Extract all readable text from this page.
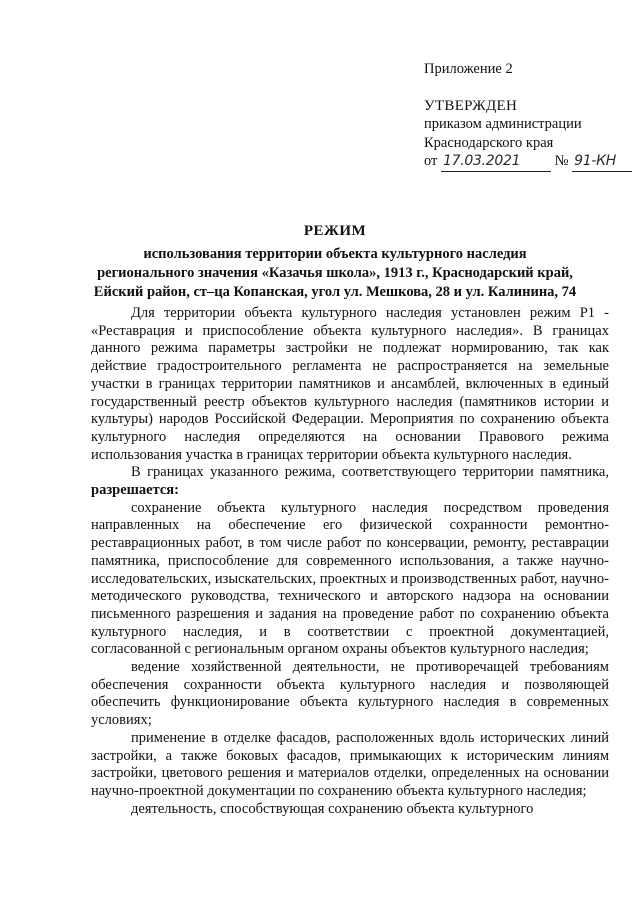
Приложение 2
УТВЕРЖДЕН
приказом администрации
Краснодарского края
от 17.03.2021 № 91-КН
РЕЖИМ
использования территории объекта культурного наследия
регионального значения «Казачья школа», 1913 г., Краснодарский край,
Ейский район, ст–ца Копанская, угол ул. Мешкова, 28 и ул. Калинина, 74

Для территории объекта культурного наследия установлен режим Р1 - «Реставрация и приспособление объекта культурного наследия». В границах данного режима параметры застройки не подлежат нормированию, так как действие градостроительного регламента не распространяется на земельные участки в границах территории памятников и ансамблей, включенных в единый государственный реестр объектов культурного наследия (памятников истории и культуры) народов Российской Федерации. Мероприятия по сохранению объекта культурного наследия определяются на основании Правового режима использования участка в границах территории объекта культурного наследия.

В границах указанного режима, соответствующего территории памятника, разрешается:

сохранение объекта культурного наследия посредством проведения направленных на обеспечение его физической сохранности ремонтно-реставрационных работ, в том числе работ по консервации, ремонту, реставрации памятника, приспособление для современного использования, а также научно-исследовательских, изыскательских, проектных и производственных работ, научно-методического руководства, технического и авторского надзора на основании письменного разрешения и задания на проведение работ по сохранению объекта культурного наследия, и в соответствии с проектной документацией, согласованной с региональным органом охраны объектов культурного наследия;

ведение хозяйственной деятельности, не противоречащей требованиям обеспечения сохранности объекта культурного наследия и позволяющей обеспечить функционирование объекта культурного наследия в современных условиях;

применение в отделке фасадов, расположенных вдоль исторических линий застройки, а также боковых фасадов, примыкающих к историческим линиям застройки, цветового решения и материалов отделки, определенных на основании научно-проектной документации по сохранению объекта культурного наследия;

деятельность, способствующая сохранению объекта культурного
